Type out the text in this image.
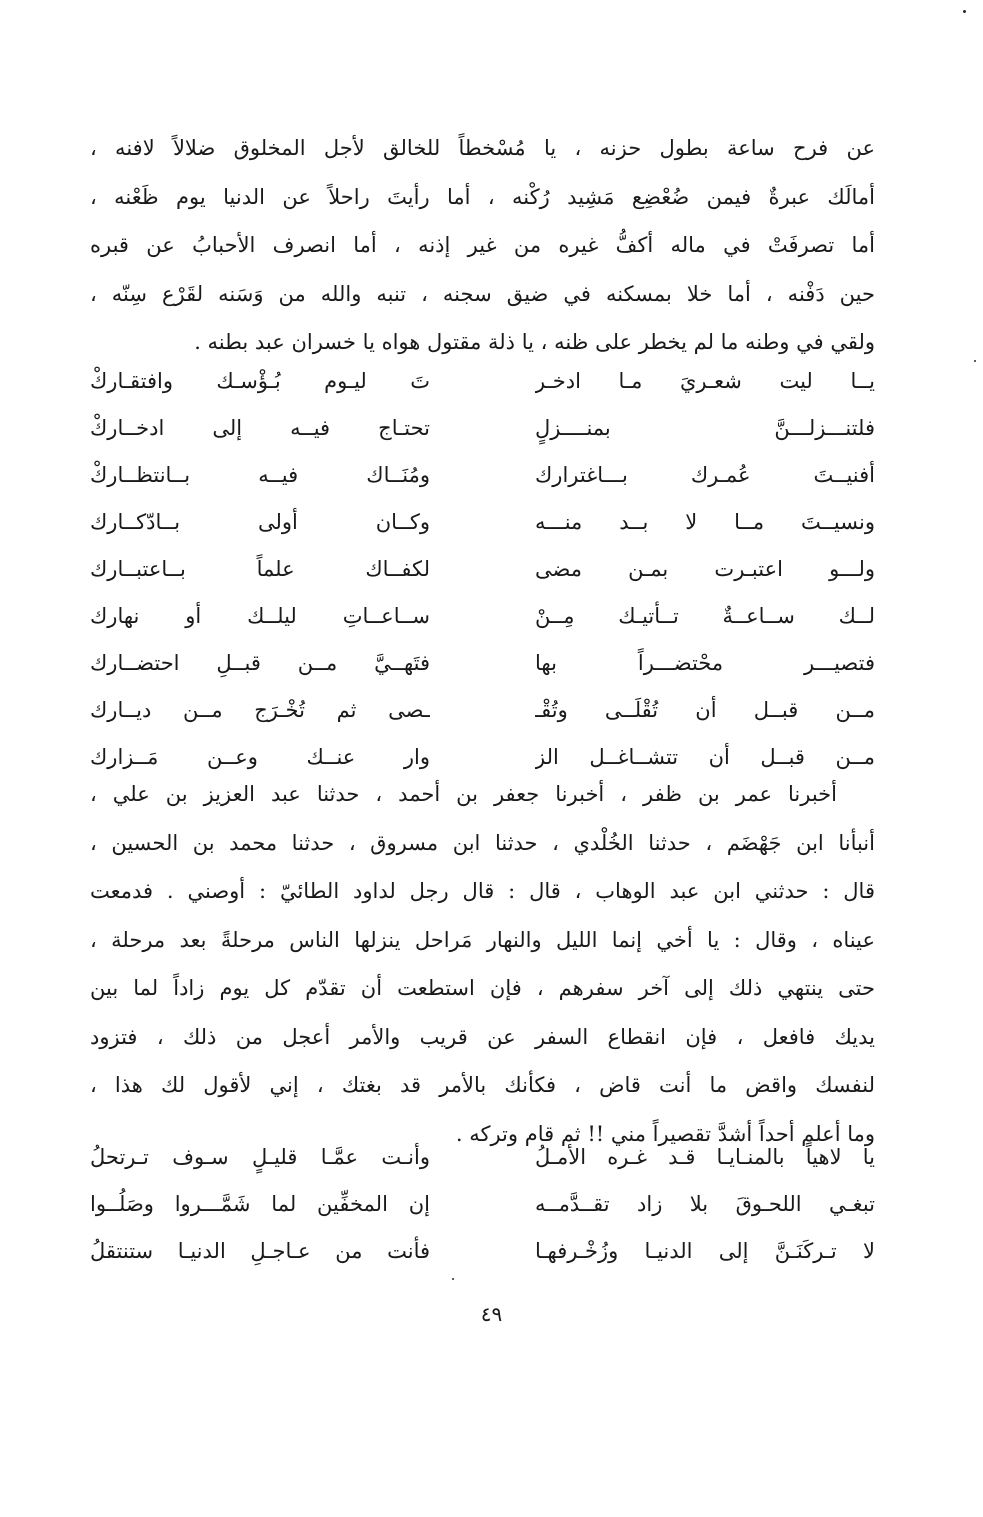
عن فرح ساعة بطول حزنه ، يا مُسْخطاً للخالق لأجل المخلوق ضلالاً لافنه ،
أمالَك عبرةٌ فيمن ضُعْضِع مَشِيد رُكْنه ، أما رأيتَ راحلاً عن الدنيا يوم ظَعْنه ،
أما تصرفَتْ في ماله أكفُّ غيره من غير إذنه ، أما انصرف الأحبابُ عن قبره
حين دَفْنه ، أما خلا بمسكنه في ضيق سجنه ، تنبه والله من وَسَنه لقَرْع سِنّه ،
ولقي في وطنه ما لم يخطر على ظنه ، يا ذلة مقتول هواه يا خسران عبد بطنه .
يــا ليت شعـريَ مـا ادخـر
تَ ليـوم بُـؤْسـك وافتقـاركْ
فلتنـــزلـــنَّ بمنــــزلٍ
تحتـاج فيــه إلى ادخــاركْ
أفنيــتَ عُمـرك بـــاغترارك
ومُنَــاك فيــه بــانتظــاركْ
ونسيــتَ مــا لا بــد منـــه
وكــان أولى بــادّكــارك
ولـــو اعتبـرت بمـن مضى
لكفــاك علماً بــاعتبــارك
لــك ســاعــةٌ تــأتيـك مِــنْ
ســاعــاتِ ليلــك أو نهارك
فتصيـــر محْتضـــراً بها
فتَهــيَّ مــن قبــلِ احتضــارك
مــن قبــل أن تُقْلَــى وتُقْـ
ـصى ثم تُخْـرَج مــن ديــارك
مــن قبــل أن تتشــاغــل الز
وار عنــك وعــن مَــزارك
أخبرنا عمر بن ظفر ، أخبرنا جعفر بن أحمد ، حدثنا عبد العزيز بن علي ،
أنبأنا ابن جَهْضَم ، حدثنا الخُلْدي ، حدثنا ابن مسروق ، حدثنا محمد بن الحسين ،
قال : حدثني ابن عبد الوهاب ، قال : قال رجل لداود الطائيّ : أوصني . فدمعت
عيناه ، وقال : يا أخي إنما الليل والنهار مَراحل ينزلها الناس مرحلةً بعد مرحلة ،
حتى ينتهي ذلك إلى آخر سفرهم ، فإن استطعت أن تقدّم كل يوم زاداً لما بين
يديك فافعل ، فإن انقطاع السفر عن قريب والأمر أعجل من ذلك ، فتزود
لنفسك واقض ما أنت قاض ، فكأنك بالأمر قد بغتك ، إني لأقول لك هذا ،
وما أعلم أحداً أشدَّ تقصيراً مني !! ثم قام وتركه .
يا لاهياً بالمنـايـا قـد غـره الأمـلُ
وأنـت عمَّـا قليـلٍ سـوف تـرتحلُ
تبغـي اللحـوقَ بلا زاد تقــدَّمــه
إن المخفِّين لما شَمَّـــروا وصَلُــوا
لا تـركَنَـنَّ إلى الدنيـا وزُخْـرفهـا
فأنت من عـاجـلِ الدنيـا ستنتقلُ
٤٩
